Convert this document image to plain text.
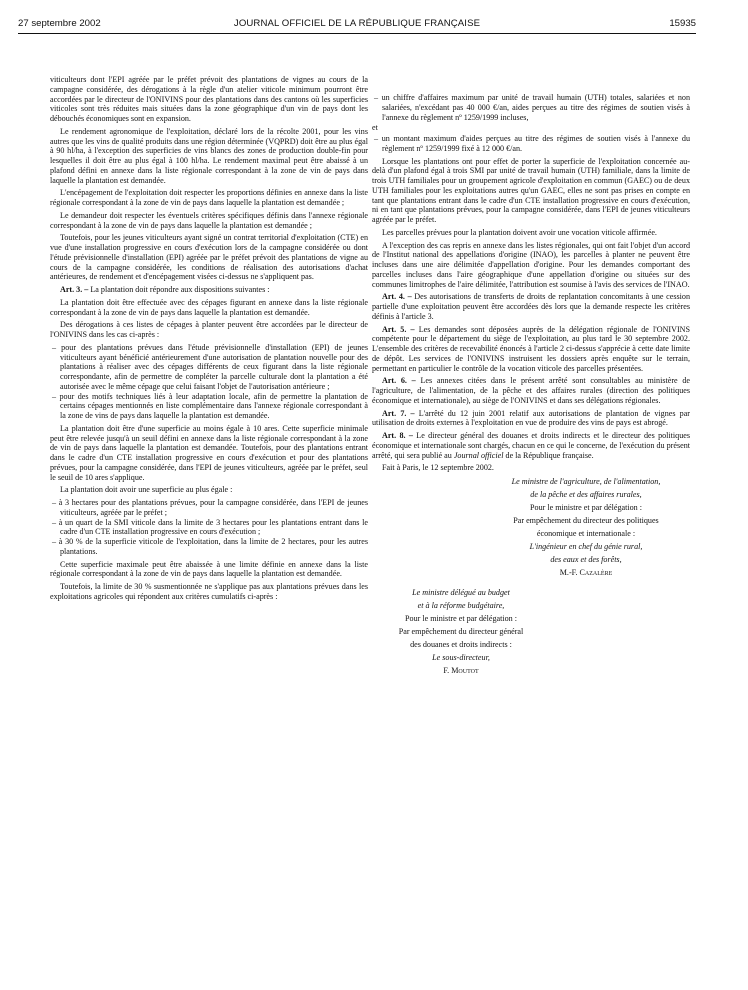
27 septembre 2002	JOURNAL OFFICIEL DE LA RÉPUBLIQUE FRANÇAISE	15935

viticulteurs dont l'EPI agréée par le préfet prévoit des plantations de vignes au cours de la campagne considérée, des dérogations à la règle d'un atelier viticole minimum pourront être accordées par le directeur de l'ONIVINS pour des plantations dans des cantons où les superficies viticoles sont très réduites mais situées dans la zone géographique d'un vin de pays dont les débouchés économiques sont en expansion.

Le rendement agronomique de l'exploitation, déclaré lors de la récolte 2001, pour les vins autres que les vins de qualité produits dans une région déterminée (VQPRD) doit être au plus égal à 90 hl/ha, à l'exception des superficies de vins blancs des zones de production double-fin pour lesquelles il doit être au plus égal à 100 hl/ha. Le rendement maximal peut être abaissé à un plafond défini en annexe dans la liste régionale correspondant à la zone de vin de pays dans laquelle la plantation est demandée.

L'encépagement de l'exploitation doit respecter les proportions définies en annexe dans la liste régionale correspondant à la zone de vin de pays dans laquelle la plantation est demandée ;

Le demandeur doit respecter les éventuels critères spécifiques définis dans l'annexe régionale correspondant à la zone de vin de pays dans laquelle la plantation est demandée ;

Toutefois, pour les jeunes viticulteurs ayant signé un contrat territorial d'exploitation (CTE) en vue d'une installation progressive en cours d'exécution lors de la campagne considérée ou dont l'étude prévisionnelle d'installation (EPI) agréée par le préfet prévoit des plantations de vigne au cours de la campagne considérée, les conditions de réalisation des autorisations d'achat antérieures, de rendement et d'encépagement visées ci-dessus ne s'appliquent pas.

Art. 3. – La plantation doit répondre aux dispositions suivantes :

La plantation doit être effectuée avec des cépages figurant en annexe dans la liste régionale correspondant à la zone de vin de pays dans laquelle la plantation est demandée.

Des dérogations à ces listes de cépages à planter peuvent être accordées par le directeur de l'ONIVINS dans les cas ci-après :

– pour des plantations prévues dans l'étude prévisionnelle d'installation (EPI) de jeunes viticulteurs ayant bénéficié antérieurement d'une autorisation de plantation nouvelle pour des plantations à réaliser avec des cépages différents de ceux figurant dans la liste régionale correspondante, afin de permettre de compléter la parcelle culturale dont la plantation a été autorisée avec le même cépage que celui faisant l'objet de l'autorisation antérieure ;
– pour des motifs techniques liés à leur adaptation locale, afin de permettre la plantation de certains cépages mentionnés en liste complémentaire dans l'annexe régionale correspondant à la zone de vins de pays dans laquelle la plantation est demandée.

La plantation doit être d'une superficie au moins égale à 10 ares. Cette superficie minimale peut être relevée jusqu'à un seuil défini en annexe dans la liste régionale correspondant à la zone de vin de pays dans laquelle la plantation est demandée. Toutefois, pour des plantations entrant dans le cadre d'un CTE installation progressive en cours d'exécution et pour des plantations prévues, pour la campagne considérée, dans l'EPI de jeunes viticulteurs, agréée par le préfet, seul le seuil de 10 ares s'applique.

La plantation doit avoir une superficie au plus égale :

– à 3 hectares pour des plantations prévues, pour la campagne considérée, dans l'EPI de jeunes viticulteurs, agréée par le préfet ;
– à un quart de la SMI viticole dans la limite de 3 hectares pour les plantations entrant dans le cadre d'un CTE installation progressive en cours d'exécution ;
– à 30 % de la superficie viticole de l'exploitation, dans la limite de 2 hectares, pour les autres plantations.

Cette superficie maximale peut être abaissée à une limite définie en annexe dans la liste régionale correspondant à la zone de vin de pays dans laquelle la plantation est demandée.

Toutefois, la limite de 30 % susmentionnée ne s'applique pas aux plantations prévues dans les exploitations agricoles qui répondent aux critères cumulatifs ci-après :

– un chiffre d'affaires maximum par unité de travail humain (UTH) totales, salariées et non salariées, n'excédant pas 40 000 €/an, aides perçues au titre des régimes de soutien visés à l'annexe du règlement nº 1259/1999 incluses,
et
– un montant maximum d'aides perçues au titre des régimes de soutien visés à l'annexe du règlement nº 1259/1999 fixé à 12 000 €/an.

Lorsque les plantations ont pour effet de porter la superficie de l'exploitation concernée au-delà d'un plafond égal à trois SMI par unité de travail humain (UTH) familiale, dans la limite de trois UTH familiales pour un groupement agricole d'exploitation en commun (GAEC) ou de deux UTH familiales pour les exploitations autres qu'un GAEC, elles ne sont pas prises en compte en tant que plantations entrant dans le cadre d'un CTE installation progressive en cours d'exécution, ni en tant que plantations prévues, pour la campagne considérée, dans l'EPI de jeunes viticulteurs agréée par le préfet.

Les parcelles prévues pour la plantation doivent avoir une vocation viticole affirmée.

A l'exception des cas repris en annexe dans les listes régionales, qui ont fait l'objet d'un accord de l'Institut national des appellations d'origine (INAO), les parcelles à planter ne peuvent être incluses dans une aire délimitée d'appellation d'origine. Pour les demandes comportant des parcelles incluses dans l'aire géographique d'une appellation d'origine ou situées sur des communes limitrophes de l'aire délimitée, l'attribution est soumise à l'avis des services de l'INAO.

Art. 4. – Des autorisations de transferts de droits de replantation concomitants à une cession partielle d'une exploitation peuvent être accordées dès lors que la demande respecte les critères définis à l'article 3.

Art. 5. – Les demandes sont déposées auprès de la délégation régionale de l'ONIVINS compétente pour le département du siège de l'exploitation, au plus tard le 30 septembre 2002. L'ensemble des critères de recevabilité énoncés à l'article 2 ci-dessus s'apprécie à cette date limite de dépôt. Les services de l'ONIVINS instruisent les dossiers après enquête sur le terrain, permettant en particulier le contrôle de la vocation viticole des parcelles présentées.

Art. 6. – Les annexes citées dans le présent arrêté sont consultables au ministère de l'agriculture, de l'alimentation, de la pêche et des affaires rurales (direction des politiques économique et internationale), au siège de l'ONIVINS et dans ses délégations régionales.

Art. 7. – L'arrêté du 12 juin 2001 relatif aux autorisations de plantation de vignes par utilisation de droits externes à l'exploitation en vue de produire des vins de pays est abrogé.

Art. 8. – Le directeur général des douanes et droits indirects et le directeur des politiques économique et internationale sont chargés, chacun en ce qui le concerne, de l'exécution du présent arrêté, qui sera publié au Journal officiel de la République française.

Fait à Paris, le 12 septembre 2002.

Le ministre de l'agriculture, de l'alimentation,

de la pêche et des affaires rurales,

Pour le ministre et par délégation :

Par empêchement du directeur des politiques

économique et internationale :

L'ingénieur en chef du génie rural,

des eaux et des forêts,

M.-F. Cazalère

Le ministre délégué au budget

et à la réforme budgétaire,

Pour le ministre et par délégation :

Par empêchement du directeur général

des douanes et droits indirects :

Le sous-directeur,

F. Moutot
